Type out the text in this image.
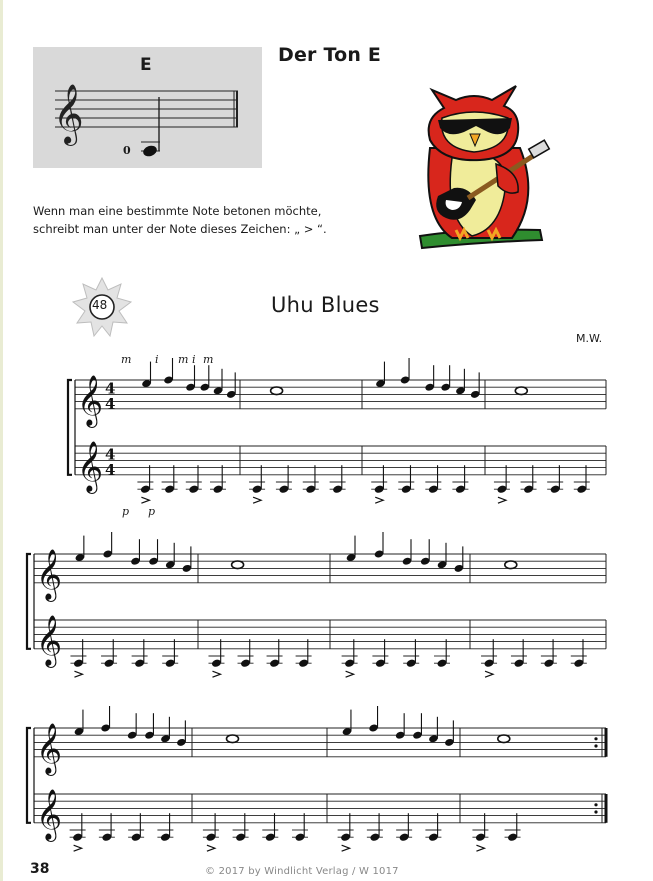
𝄞
E
0
Der Ton E
Wenn man eine bestimmte Note betonen möchte,
schreibt man unter der Note dieses Zeichen: „ > “.
48	Uhu Blues
M.W.
m i m i m
p p
𝄞 4
4
𝄞 4
4
𝄞
𝄞
𝄞
𝄞
38	© 2017 by Windlicht Verlag / W 1017
